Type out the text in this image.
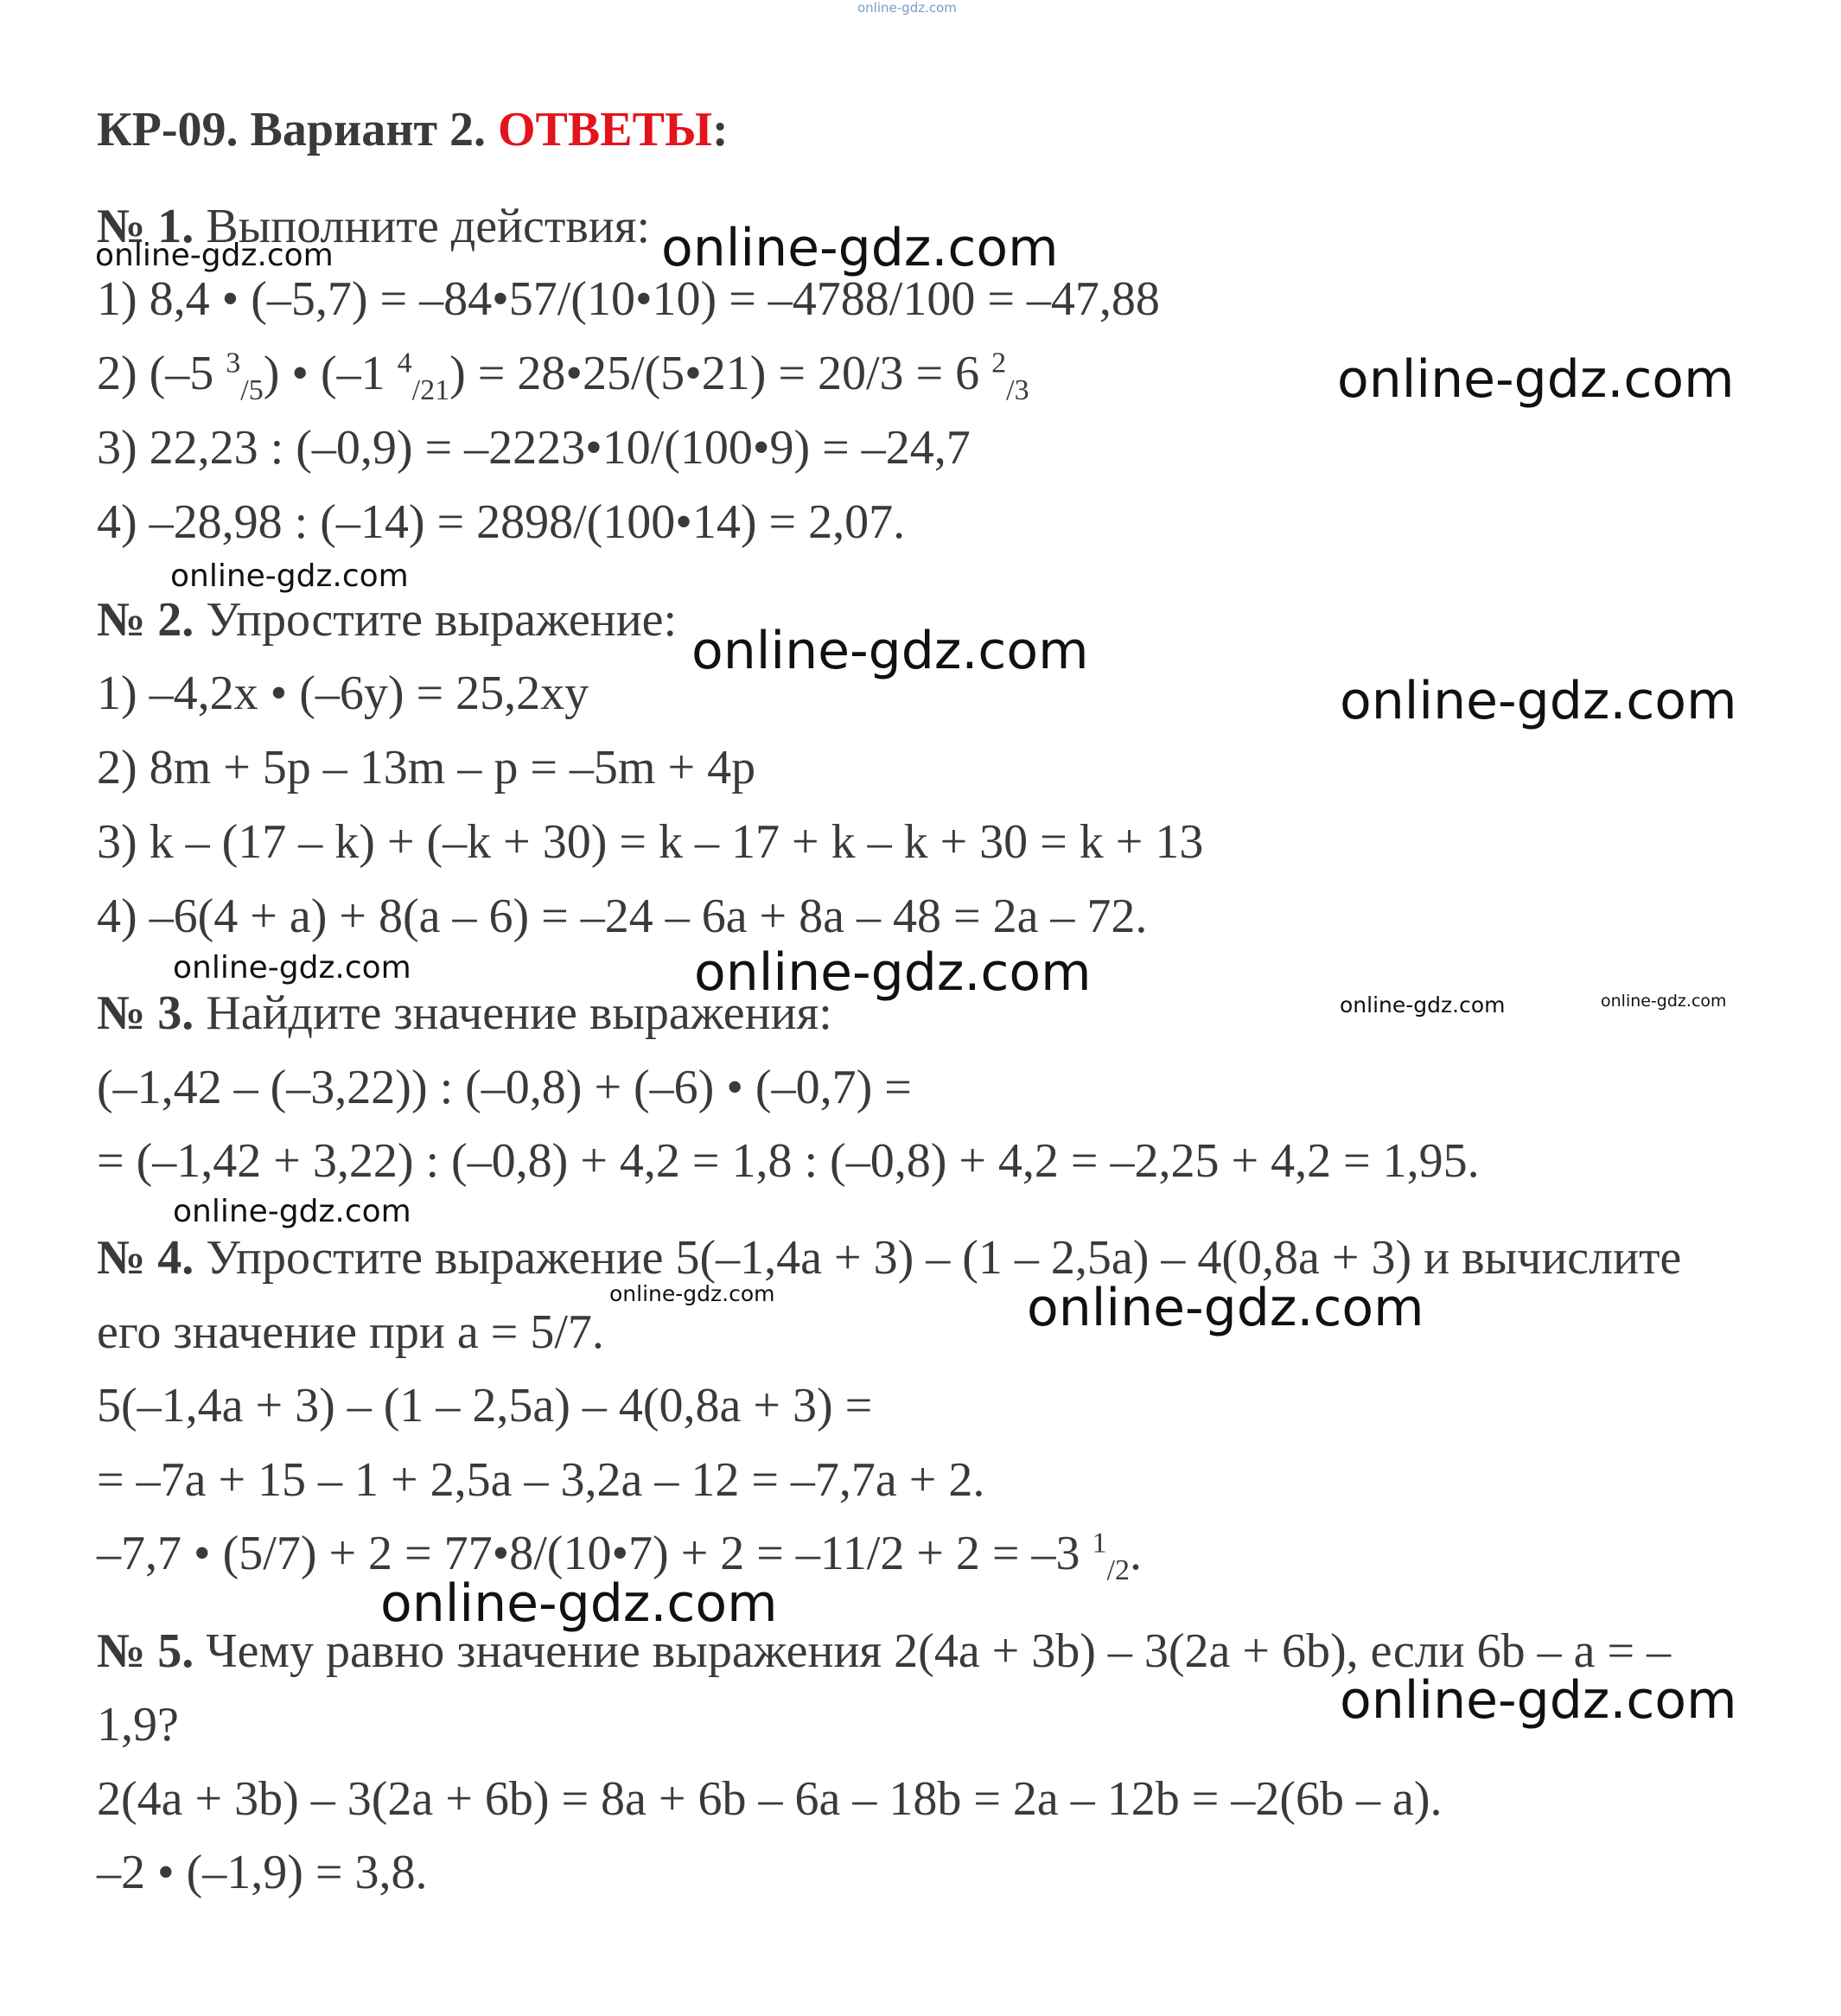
online-gdz.com
КР-09. Вариант 2. ОТВЕТЫ:
№ 1. Выполните действия:
1) 8,4 • (–5,7) = –84•57/(10•10) = –4788/100 = –47,88
2) (–5 $^3_{/5}$) • (–1 $^4_{/21}$) = 28•25/(5•21) = 20/3 = 6 $^2_{/3}$
3) 22,23 : (–0,9) = –2223•10/(100•9) = –24,7
4) –28,98 : (–14) = 2898/(100•14) = 2,07.
№ 2. Упростите выражение:
1) –4,2x • (–6y) = 25,2xy
2) 8m + 5p – 13m – p = –5m + 4p
3) k – (17 – k) + (–k + 30) = k – 17 + k – k + 30 = k + 13
4) –6(4 + a) + 8(a – 6) = –24 – 6a + 8a – 48 = 2a – 72.
№ 3. Найдите значение выражения:
(–1,42 – (–3,22)) : (–0,8) + (–6) • (–0,7) =
= (–1,42 + 3,22) : (–0,8) + 4,2 = 1,8 : (–0,8) + 4,2 = –2,25 + 4,2 = 1,95.
№ 4. Упростите выражение 5(–1,4a + 3) – (1 – 2,5a) – 4(0,8a + 3) и вычислите
его значение при a = 5/7.
5(–1,4a + 3) – (1 – 2,5a) – 4(0,8a + 3) =
= –7a + 15 – 1 + 2,5a – 3,2a – 12 = –7,7a + 2.
–7,7 • (5/7) + 2 = 77•8/(10•7) + 2 = –11/2 + 2 = –3 $^1_{/2}$.
№ 5. Чему равно значение выражения 2(4a + 3b) – 3(2a + 6b), если 6b – a = –
1,9?
2(4a + 3b) – 3(2a + 6b) = 8a + 6b – 6a – 18b = 2a – 12b = –2(6b – a).
–2 • (–1,9) = 3,8.
online-gdz.com
online-gdz.com
online-gdz.com
online-gdz.com
online-gdz.com
online-gdz.com
online-gdz.com	online-gdz.com
online-gdz.com	online-gdz.com
online-gdz.com
online-gdz.com	online-gdz.com
online-gdz.com
online-gdz.com
